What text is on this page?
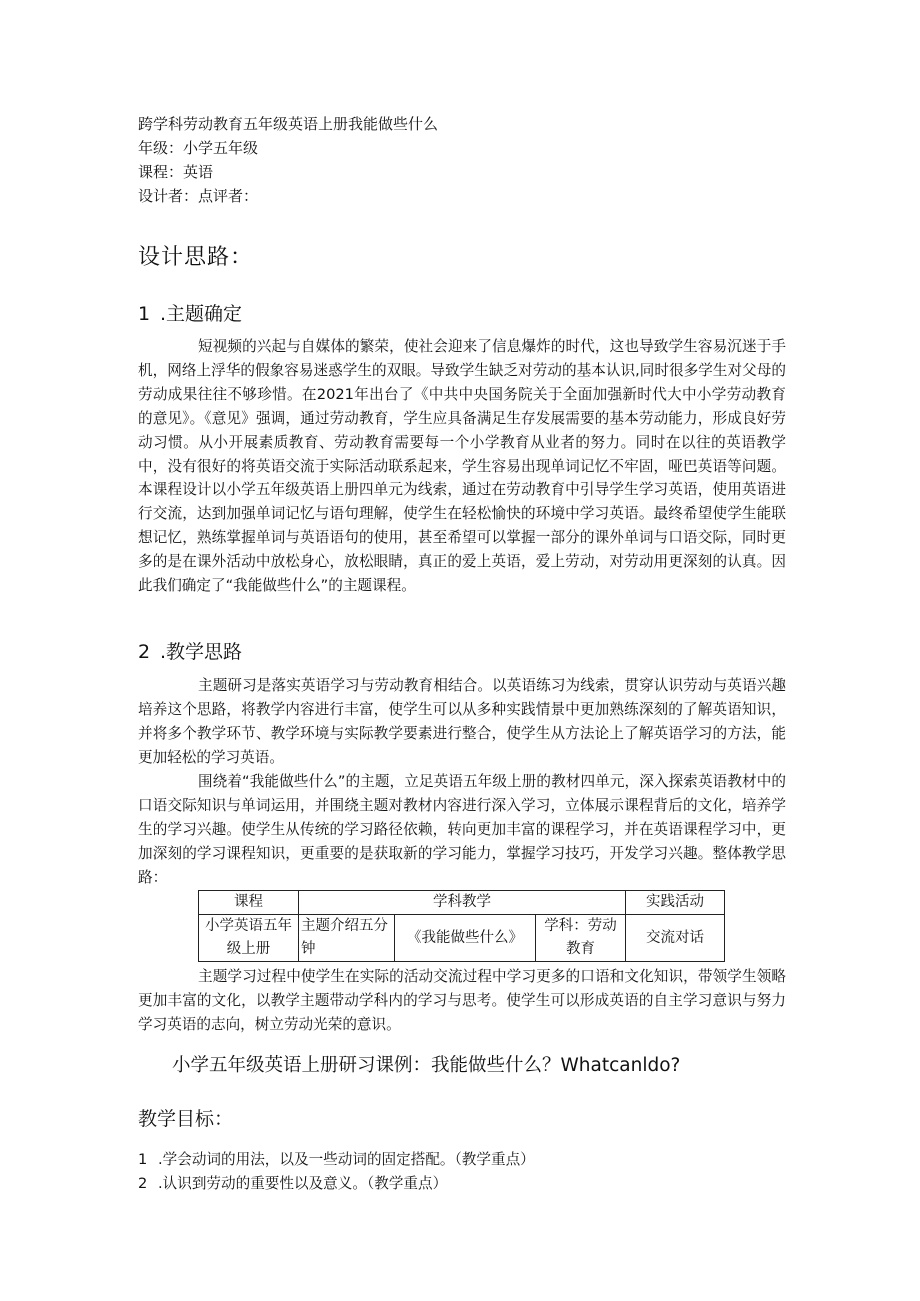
跨学科劳动教育五年级英语上册我能做些什么
年级：小学五年级
课程：英语
设计者：点评者：
设计思路：
1 .主题确定

短视频的兴起与自媒体的繁荣，使社会迎来了信息爆炸的时代，这也导致学生容易沉迷于手机，网络上浮华的假象容易迷惑学生的双眼。导致学生缺乏对劳动的基本认识,同时很多学生对父母的劳动成果往往不够珍惜。在2021年出台了《中共中央国务院关于全面加强新时代大中小学劳动教育的意见》。《意见》强调，通过劳动教育，学生应具备满足生存发展需要的基本劳动能力，形成良好劳动习惯。从小开展素质教育、劳动教育需要每一个小学教育从业者的努力。同时在以往的英语教学中，没有很好的将英语交流于实际活动联系起来，学生容易出现单词记忆不牢固，哑巴英语等问题。本课程设计以小学五年级英语上册四单元为线索，通过在劳动教育中引导学生学习英语，使用英语进行交流，达到加强单词记忆与语句理解，使学生在轻松愉快的环境中学习英语。最终希望使学生能联想记忆，熟练掌握单词与英语语句的使用，甚至希望可以掌握一部分的课外单词与口语交际，同时更多的是在课外活动中放松身心，放松眼睛，真正的爱上英语，爱上劳动，对劳动用更深刻的认真。因此我们确定了“我能做些什么”的主题课程。

2 .教学思路

主题研习是落实英语学习与劳动教育相结合。以英语练习为线索，贯穿认识劳动与英语兴趣培养这个思路，将教学内容进行丰富，使学生可以从多种实践情景中更加熟练深刻的了解英语知识，并将多个教学环节、教学环境与实际教学要素进行整合，使学生从方法论上了解英语学习的方法，能更加轻松的学习英语。

围绕着“我能做些什么”的主题，立足英语五年级上册的教材四单元，深入探索英语教材中的口语交际知识与单词运用，并围绕主题对教材内容进行深入学习，立体展示课程背后的文化，培养学生的学习兴趣。使学生从传统的学习路径依赖，转向更加丰富的课程学习，并在英语课程学习中，更加深刻的学习课程知识，更重要的是获取新的学习能力，掌握学习技巧，开发学习兴趣。整体教学思路：

课程	学科教学			实践活动
小学英语五年级上册	主题介绍五分钟	《我能做些什么》	学科：劳动教育	交流对话

主题学习过程中使学生在实际的活动交流过程中学习更多的口语和文化知识，带领学生领略更加丰富的文化，以教学主题带动学科内的学习与思考。使学生可以形成英语的自主学习意识与努力学习英语的志向，树立劳动光荣的意识。

小学五年级英语上册研习课例：我能做些什么？Whatcanldo?
教学目标：
1 .学会动词的用法，以及一些动词的固定搭配。（教学重点）
2 .认识到劳动的重要性以及意义。（教学重点）
